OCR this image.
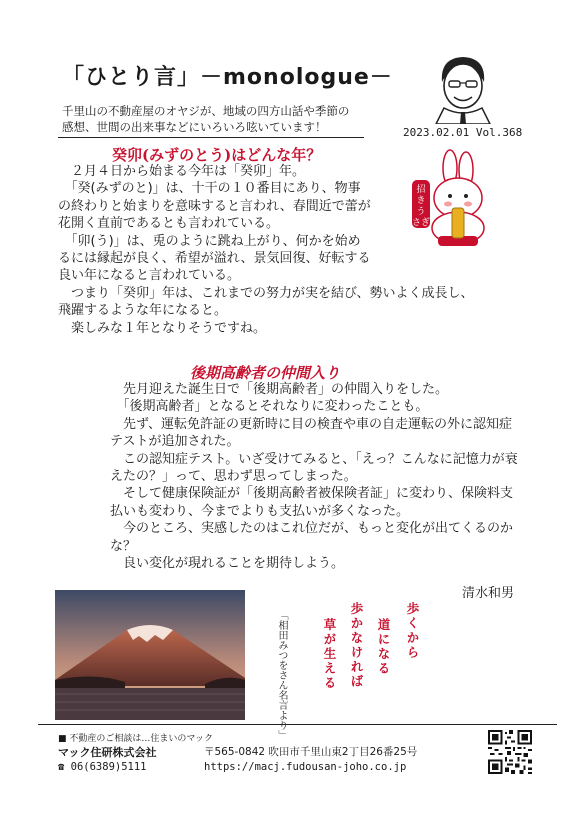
「ひとり言」－monologue－
千里山の不動産屋のオヤジが、地域の四方山話や季節の
感想、世間の出来事などにいろいろ呟いています！	2023.02.01 Vol.368
癸卯(みずのとう)はどんな年？
招
き
う
さぎ
　２月４日から始まる今年は「癸卯」年。
　「癸(みずのと)」は、十干の１０番目にあり、物事
の終わりと始まりを意味すると言われ、春間近で蕾が
花開く直前であるとも言われている。
　「卯(う)」は、兎のように跳ね上がり、何かを始め
るには縁起が良く、希望が溢れ、景気回復、好転する
良い年になると言われている。
　つまり「癸卯」年は、これまでの努力が実を結び、勢いよく成長し、
飛躍するような年になると。
　楽しみな１年となりそうですね。
後期高齢者の仲間入り
　先月迎えた誕生日で「後期高齢者」の仲間入りをした。
　「後期高齢者」となるとそれなりに変わったことも。
　先ず、運転免許証の更新時に目の検査や車の自走運転の外に認知症
テストが追加された。
　この認知症テスト。いざ受けてみると、「えっ？こんなに記憶力が衰
えたの？」って、思わず思ってしまった。
　そして健康保険証が「後期高齢者被保険者証」に変わり、保険料支
払いも変わり、今までよりも支払いが多くなった。
　今のところ、実感したのはこれ位だが、もっと変化が出てくるのか
な？
　良い変化が現れることを期待しよう。
清水和男
「相田みつをさん名言より」	歩くから
道になる
歩かなければ
草が生える
■ 不動産のご相談は…住まいのマック
マック住研株式会社	〒565-0842 吹田市千里山東2丁目26番25号
☎ 06(6389)5111	https://macj.fudousan-joho.co.jp
